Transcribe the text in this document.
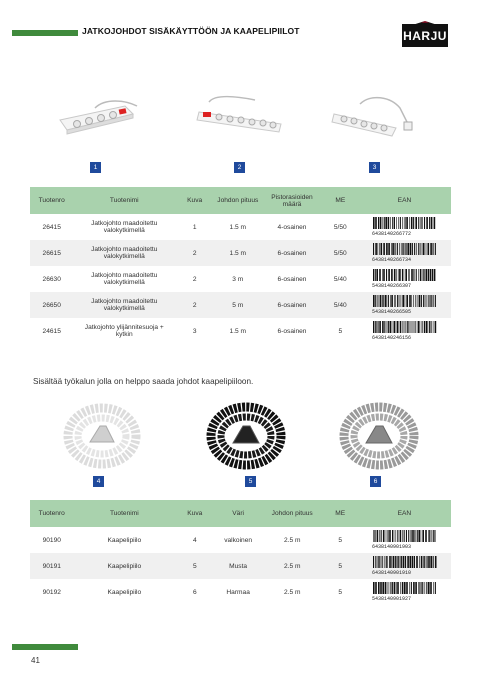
JATKOJOHDOT SISÄKÄYTTÖÖN JA KAAPELIPIILOT	HARJU
1	2	3
Tuotenro	Tuotenimi	Kuva	Johdon pituus	Pistorasioiden määrä	ME	EAN
26415	Jatkojohto maadoitettu valokytkimellä	1	1.5 m	4-osainen	5/50	6438140266772

26615	Jatkojohto maadoitettu valokytkimellä	2	1.5 m	6-osainen	5/50	6438140266734

26630	Jatkojohto maadoitettu valokytkimellä	2	3 m	6-osainen	5/40	5438140266307

26650	Jatkojohto maadoitettu valokytkimellä	2	5 m	6-osainen	5/40	5438140266505

24615	Jatkojohto ylijännitesuoja + kytkin	3	1.5 m	6-osainen	5	6438140246156
Sisältää työkalun jolla on helppo saada johdot kaapelipiiloon.
4	5	6
Tuotenro	Tuotenimi	Kuva	Väri	Johdon pituus	ME	EAN
90190	Kaapelipiilo	4	valkoinen	2.5 m	5	6438140901903

90191	Kaapelipiilo	5	Musta	2.5 m	5	6438140901910

90192	Kaapelipiilo	6	Harmaa	2.5 m	5	5438140901927
41
